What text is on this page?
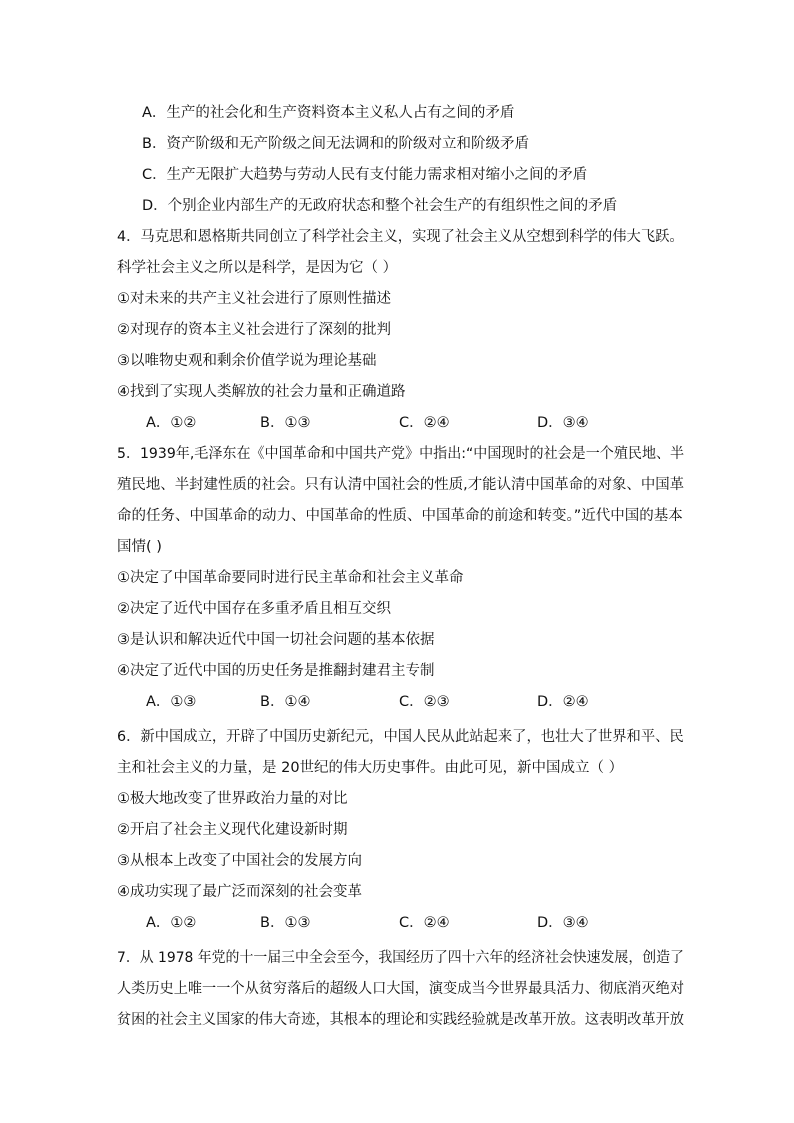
A．生产的社会化和生产资料资本主义私人占有之间的矛盾
B．资产阶级和无产阶级之间无法调和的阶级对立和阶级矛盾
C．生产无限扩大趋势与劳动人民有支付能力需求相对缩小之间的矛盾
D．个别企业内部生产的无政府状态和整个社会生产的有组织性之间的矛盾
4．马克思和恩格斯共同创立了科学社会主义，实现了社会主义从空想到科学的伟大飞跃。
科学社会主义之所以是科学，是因为它（ ）
①对未来的共产主义社会进行了原则性描述
②对现存的资本主义社会进行了深刻的批判
③以唯物史观和剩余价值学说为理论基础
④找到了实现人类解放的社会力量和正确道路
A．①②	B．①③	C．②④	D．③④
5．1939年,毛泽东在《中国革命和中国共产党》中指出:“中国现时的社会是一个殖民地、半
殖民地、半封建性质的社会。只有认清中国社会的性质,才能认清中国革命的对象、中国革
命的任务、中国革命的动力、中国革命的性质、中国革命的前途和转变。”近代中国的基本
国情( )
①决定了中国革命要同时进行民主革命和社会主义革命
②决定了近代中国存在多重矛盾且相互交织
③是认识和解决近代中国一切社会问题的基本依据
④决定了近代中国的历史任务是推翻封建君主专制
A．①③	B．①④	C．②③	D．②④
6．新中国成立，开辟了中国历史新纪元，中国人民从此站起来了，也壮大了世界和平、民
主和社会主义的力量，是 20世纪的伟大历史事件。由此可见，新中国成立（ ）
①极大地改变了世界政治力量的对比
②开启了社会主义现代化建设新时期
③从根本上改变了中国社会的发展方向
④成功实现了最广泛而深刻的社会变革
A．①②	B．①③	C．②④	D．③④
7．从 1978 年党的十一届三中全会至今，我国经历了四十六年的经济社会快速发展，创造了
人类历史上唯一一个从贫穷落后的超级人口大国，演变成当今世界最具活力、彻底消灭绝对
贫困的社会主义国家的伟大奇迹，其根本的理论和实践经验就是改革开放。这表明改革开放
